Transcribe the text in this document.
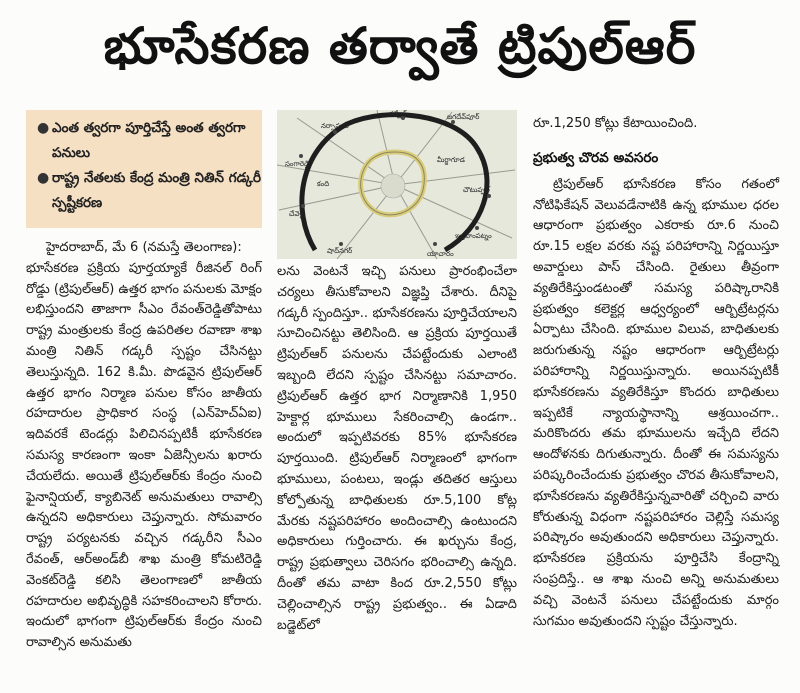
భూసేకరణ తర్వాతే ట్రిపుల్‌ఆర్
● ఎంత త్వరగా పూర్తిచేస్తే అంత త్వరగా పనులు
● రాష్ట్ర నేతలకు కేంద్ర మంత్రి నితిన్ గడ్కరీ స్పష్టీకరణ
సంగారెడ్డి
నర్సాపూర్
గజ్వేల్	జగదేవ్‌పూర్
చౌటుప్పల్
షాద్‌నగర్
చేవెళ్ల
ఇబ్రహీంపట్నం
యాచారం
కంది
మీర్జాగూడ

హైదరాబాద్, మే 6 (నమస్తే తెలంగాణ):

భూసేకరణ ప్రక్రియ పూర్తయ్యాకే రీజినల్ రింగ్ రోడ్డు (ట్రిపుల్‌ఆర్) ఉత్తర భాగం పనులకు మోక్షం లభిస్తుందని తాజాగా సీఎం రేవంత్‌రెడ్డితోపాటు రాష్ట్ర మంత్రులకు కేంద్ర ఉపరితల రవాణా శాఖ మంత్రి నితిన్ గడ్కరీ స్పష్టం చేసినట్టు తెలుస్తున్నది. 162 కి.మీ. పొడవైన ట్రిపుల్‌ఆర్ ఉత్తర భాగం నిర్మాణ పనుల కోసం జాతీయ రహదారుల ప్రాధికార సంస్థ (ఎన్‌హెచ్‌ఏఐ) ఇదివరకే టెండర్లు పిలిచినప్పటికీ భూసేకరణ సమస్య కారణంగా ఇంకా ఏజెన్సీలను ఖరారు చేయలేదు. అయితే ట్రిపుల్‌ఆర్‌కు కేంద్రం నుంచి ఫైనాన్షియల్, క్యాబినెట్ అనుమతులు రావాల్సి ఉన్నదని అధికారులు చెప్తున్నారు. సోమవారం రాష్ట్ర పర్యటనకు వచ్చిన గడ్కరీని సీఎం రేవంత్, ఆర్‌అండ్‌బీ శాఖ మంత్రి కోమటిరెడ్డి వెంకట్‌రెడ్డి కలిసి తెలంగాణలో జాతీయ రహదారుల అభివృద్ధికి సహకరించాలని కోరారు. ఇందులో భాగంగా ట్రిపుల్‌ఆర్‌కు కేంద్రం నుంచి రావాల్సిన అనుమతు

లను వెంటనే ఇచ్చి పనులు ప్రారంభించేలా చర్యలు తీసుకోవాలని విజ్ఞప్తి చేశారు. దీనిపై గడ్కరీ స్పందిస్తూ.. భూసేకరణను పూర్తిచేయాలని సూచించినట్టు తెలిసింది. ఆ ప్రక్రియ పూర్తయితే ట్రిపుల్‌ఆర్ పనులను చేపట్టేందుకు ఎలాంటి ఇబ్బంది లేదని స్పష్టం చేసినట్టు సమాచారం. ట్రిపుల్‌ఆర్ ఉత్తర భాగ నిర్మాణానికి 1,950 హెక్టార్ల భూములు సేకరించాల్సి ఉండగా.. అందులో ఇప్పటివరకు 85% భూసేకరణ పూర్తయింది. ట్రిపుల్‌ఆర్ నిర్మాణంలో భాగంగా భూములు, పంటలు, ఇండ్లు తదితర ఆస్తులు కోల్పోతున్న బాధితులకు రూ.5,100 కోట్ల మేరకు నష్టపరిహారం అందించాల్సి ఉంటుందని అధికారులు గుర్తించారు. ఈ ఖర్చును కేంద్ర, రాష్ట్ర ప్రభుత్వాలు చెరిసగం భరించాల్సి ఉన్నది. దీంతో తమ వాటా కింద రూ.2,550 కోట్లు చెల్లించాల్సిన రాష్ట్ర ప్రభుత్వం.. ఈ ఏడాది బడ్జెట్‌లో

రూ.1,250 కోట్లు కేటాయించింది.

ప్రభుత్వ చొరవ అవసరం

ట్రిపుల్‌ఆర్ భూసేకరణ కోసం గతంలో నోటిఫికేషన్ వెలువడేనాటికి ఉన్న భూముల ధరల ఆధారంగా ప్రభుత్వం ఎకరాకు రూ.6 నుంచి రూ.15 లక్షల వరకు నష్ట పరిహారాన్ని నిర్ణయిస్తూ అవార్డులు పాస్ చేసింది. రైతులు తీవ్రంగా వ్యతిరేకిస్తుండటంతో సమస్య పరిష్కారానికి ప్రభుత్వం కలెక్టర్ల ఆధ్వర్యంలో ఆర్బిట్రేటర్లను ఏర్పాటు చేసింది. భూముల విలువ, బాధితులకు జరుగుతున్న నష్టం ఆధారంగా ఆర్బిట్రేటర్లు పరిహారాన్ని నిర్ణయిస్తున్నారు. అయినప్పటికీ భూసేకరణను వ్యతిరేకిస్తూ కొందరు బాధితులు ఇప్పటికే న్యాయస్థానాన్ని ఆశ్రయించగా.. మరికొందరు తమ భూములను ఇచ్చేది లేదని ఆందోళనకు దిగుతున్నారు. దీంతో ఈ సమస్యను పరిష్కరించేందుకు ప్రభుత్వం చొరవ తీసుకోవాలని, భూసేకరణను వ్యతిరేకిస్తున్నవారితో చర్చించి వారు కోరుతున్న విధంగా నష్టపరిహారం చెల్లిస్తే సమస్య పరిష్కారం అవుతుందని అధికారులు చెప్తున్నారు. భూసేకరణ ప్రక్రియను పూర్తిచేసి కేంద్రాన్ని సంప్రదిస్తే.. ఆ శాఖ నుంచి అన్ని అనుమతులు వచ్చి వెంటనే పనులు చేపట్టేందుకు మార్గం సుగమం అవుతుందని స్పష్టం చేస్తున్నారు.
